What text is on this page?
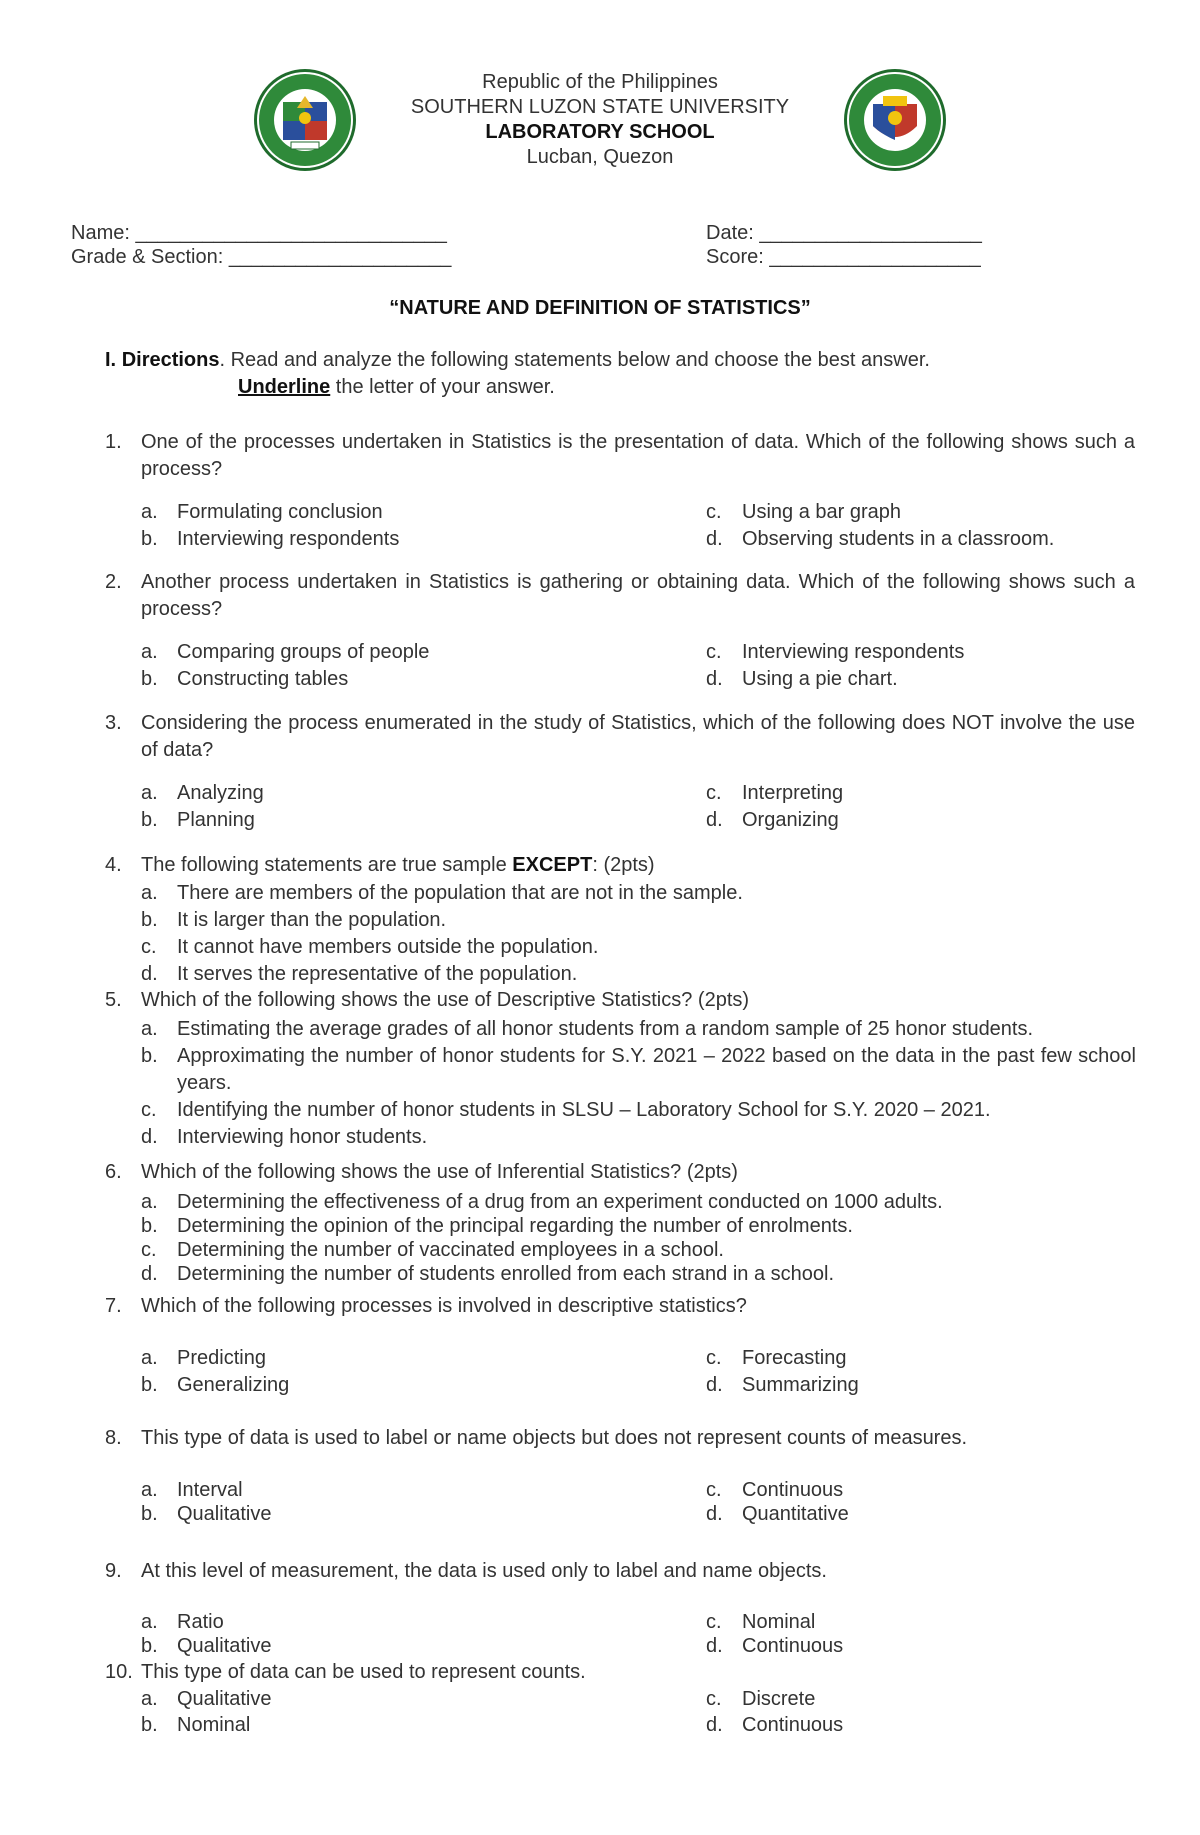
Republic of the Philippines
SOUTHERN LUZON STATE UNIVERSITY
LABORATORY SCHOOL
Lucban, Quezon
Name: ____________________________	Date: ____________________
Grade & Section: ____________________	Score: ___________________
“NATURE AND DEFINITION OF STATISTICS”
I. Directions. Read and analyze the following statements below and choose the best answer.
Underline the letter of your answer.
1. One of the processes undertaken in Statistics is the presentation of data. Which of the following shows such a process?
a. Formulating conclusion
b. Interviewing respondents
c. Using a bar graph
d. Observing students in a classroom.
2. Another process undertaken in Statistics is gathering or obtaining data. Which of the following shows such a process?
a. Comparing groups of people
b. Constructing tables
c. Interviewing respondents
d. Using a pie chart.
3. Considering the process enumerated in the study of Statistics, which of the following does NOT involve the use of data?
a. Analyzing
b. Planning
c. Interpreting
d. Organizing
4. The following statements are true sample EXCEPT: (2pts)
a. There are members of the population that are not in the sample.
b. It is larger than the population.
c. It cannot have members outside the population.
d. It serves the representative of the population.
5. Which of the following shows the use of Descriptive Statistics? (2pts)
a. Estimating the average grades of all honor students from a random sample of 25 honor students.
b. Approximating the number of honor students for S.Y. 2021 – 2022 based on the data in the past few school years.
c. Identifying the number of honor students in SLSU – Laboratory School for S.Y. 2020 – 2021.
d. Interviewing honor students.
6. Which of the following shows the use of Inferential Statistics? (2pts)
a. Determining the effectiveness of a drug from an experiment conducted on 1000 adults.
b. Determining the opinion of the principal regarding the number of enrolments.
c. Determining the number of vaccinated employees in a school.
d. Determining the number of students enrolled from each strand in a school.
7. Which of the following processes is involved in descriptive statistics?
a. Predicting
b. Generalizing
c. Forecasting
d. Summarizing
8. This type of data is used to label or name objects but does not represent counts of measures.
a. Interval
b. Qualitative
c. Continuous
d. Quantitative
9. At this level of measurement, the data is used only to label and name objects.
a. Ratio
b. Qualitative
c. Nominal
d. Continuous
10. This type of data can be used to represent counts.
a. Qualitative
b. Nominal
c. Discrete
d. Continuous
